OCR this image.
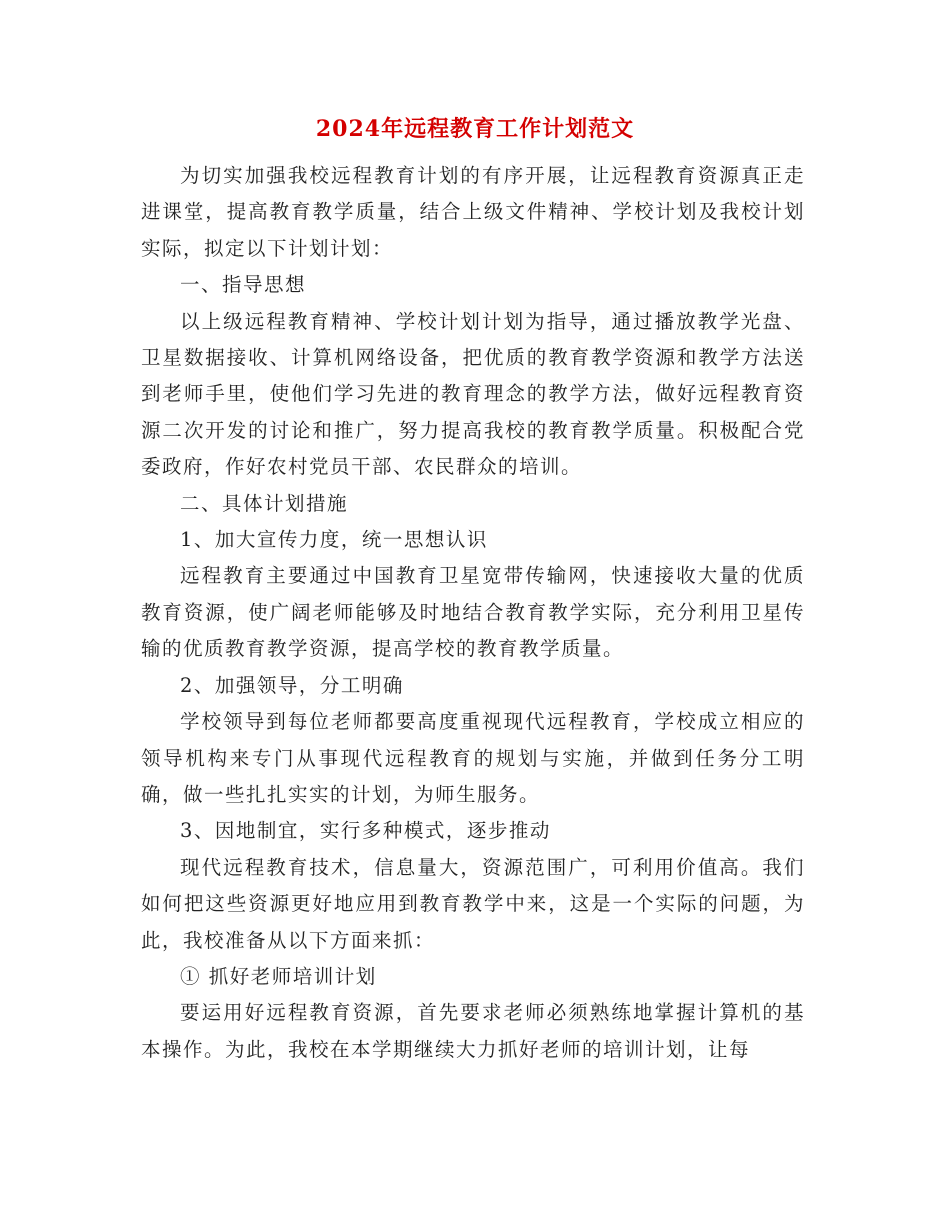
2024年远程教育工作计划范文

为切实加强我校远程教育计划的有序开展，让远程教育资源真正走进课堂，提高教育教学质量，结合上级文件精神、学校计划及我校计划实际，拟定以下计划计划：

一、指导思想

以上级远程教育精神、学校计划计划为指导，通过播放教学光盘、卫星数据接收、计算机网络设备，把优质的教育教学资源和教学方法送到老师手里，使他们学习先进的教育理念的教学方法，做好远程教育资源二次开发的讨论和推广，努力提高我校的教育教学质量。积极配合党委政府，作好农村党员干部、农民群众的培训。

二、具体计划措施

1、加大宣传力度，统一思想认识

远程教育主要通过中国教育卫星宽带传输网，快速接收大量的优质教育资源，使广阔老师能够及时地结合教育教学实际，充分利用卫星传输的优质教育教学资源，提高学校的教育教学质量。

2、加强领导，分工明确

学校领导到每位老师都要高度重视现代远程教育，学校成立相应的领导机构来专门从事现代远程教育的规划与实施，并做到任务分工明确，做一些扎扎实实的计划，为师生服务。

3、因地制宜，实行多种模式，逐步推动

现代远程教育技术，信息量大，资源范围广，可利用价值高。我们如何把这些资源更好地应用到教育教学中来，这是一个实际的问题，为此，我校准备从以下方面来抓：

① 抓好老师培训计划

要运用好远程教育资源，首先要求老师必须熟练地掌握计算机的基本操作。为此，我校在本学期继续大力抓好老师的培训计划，让每
